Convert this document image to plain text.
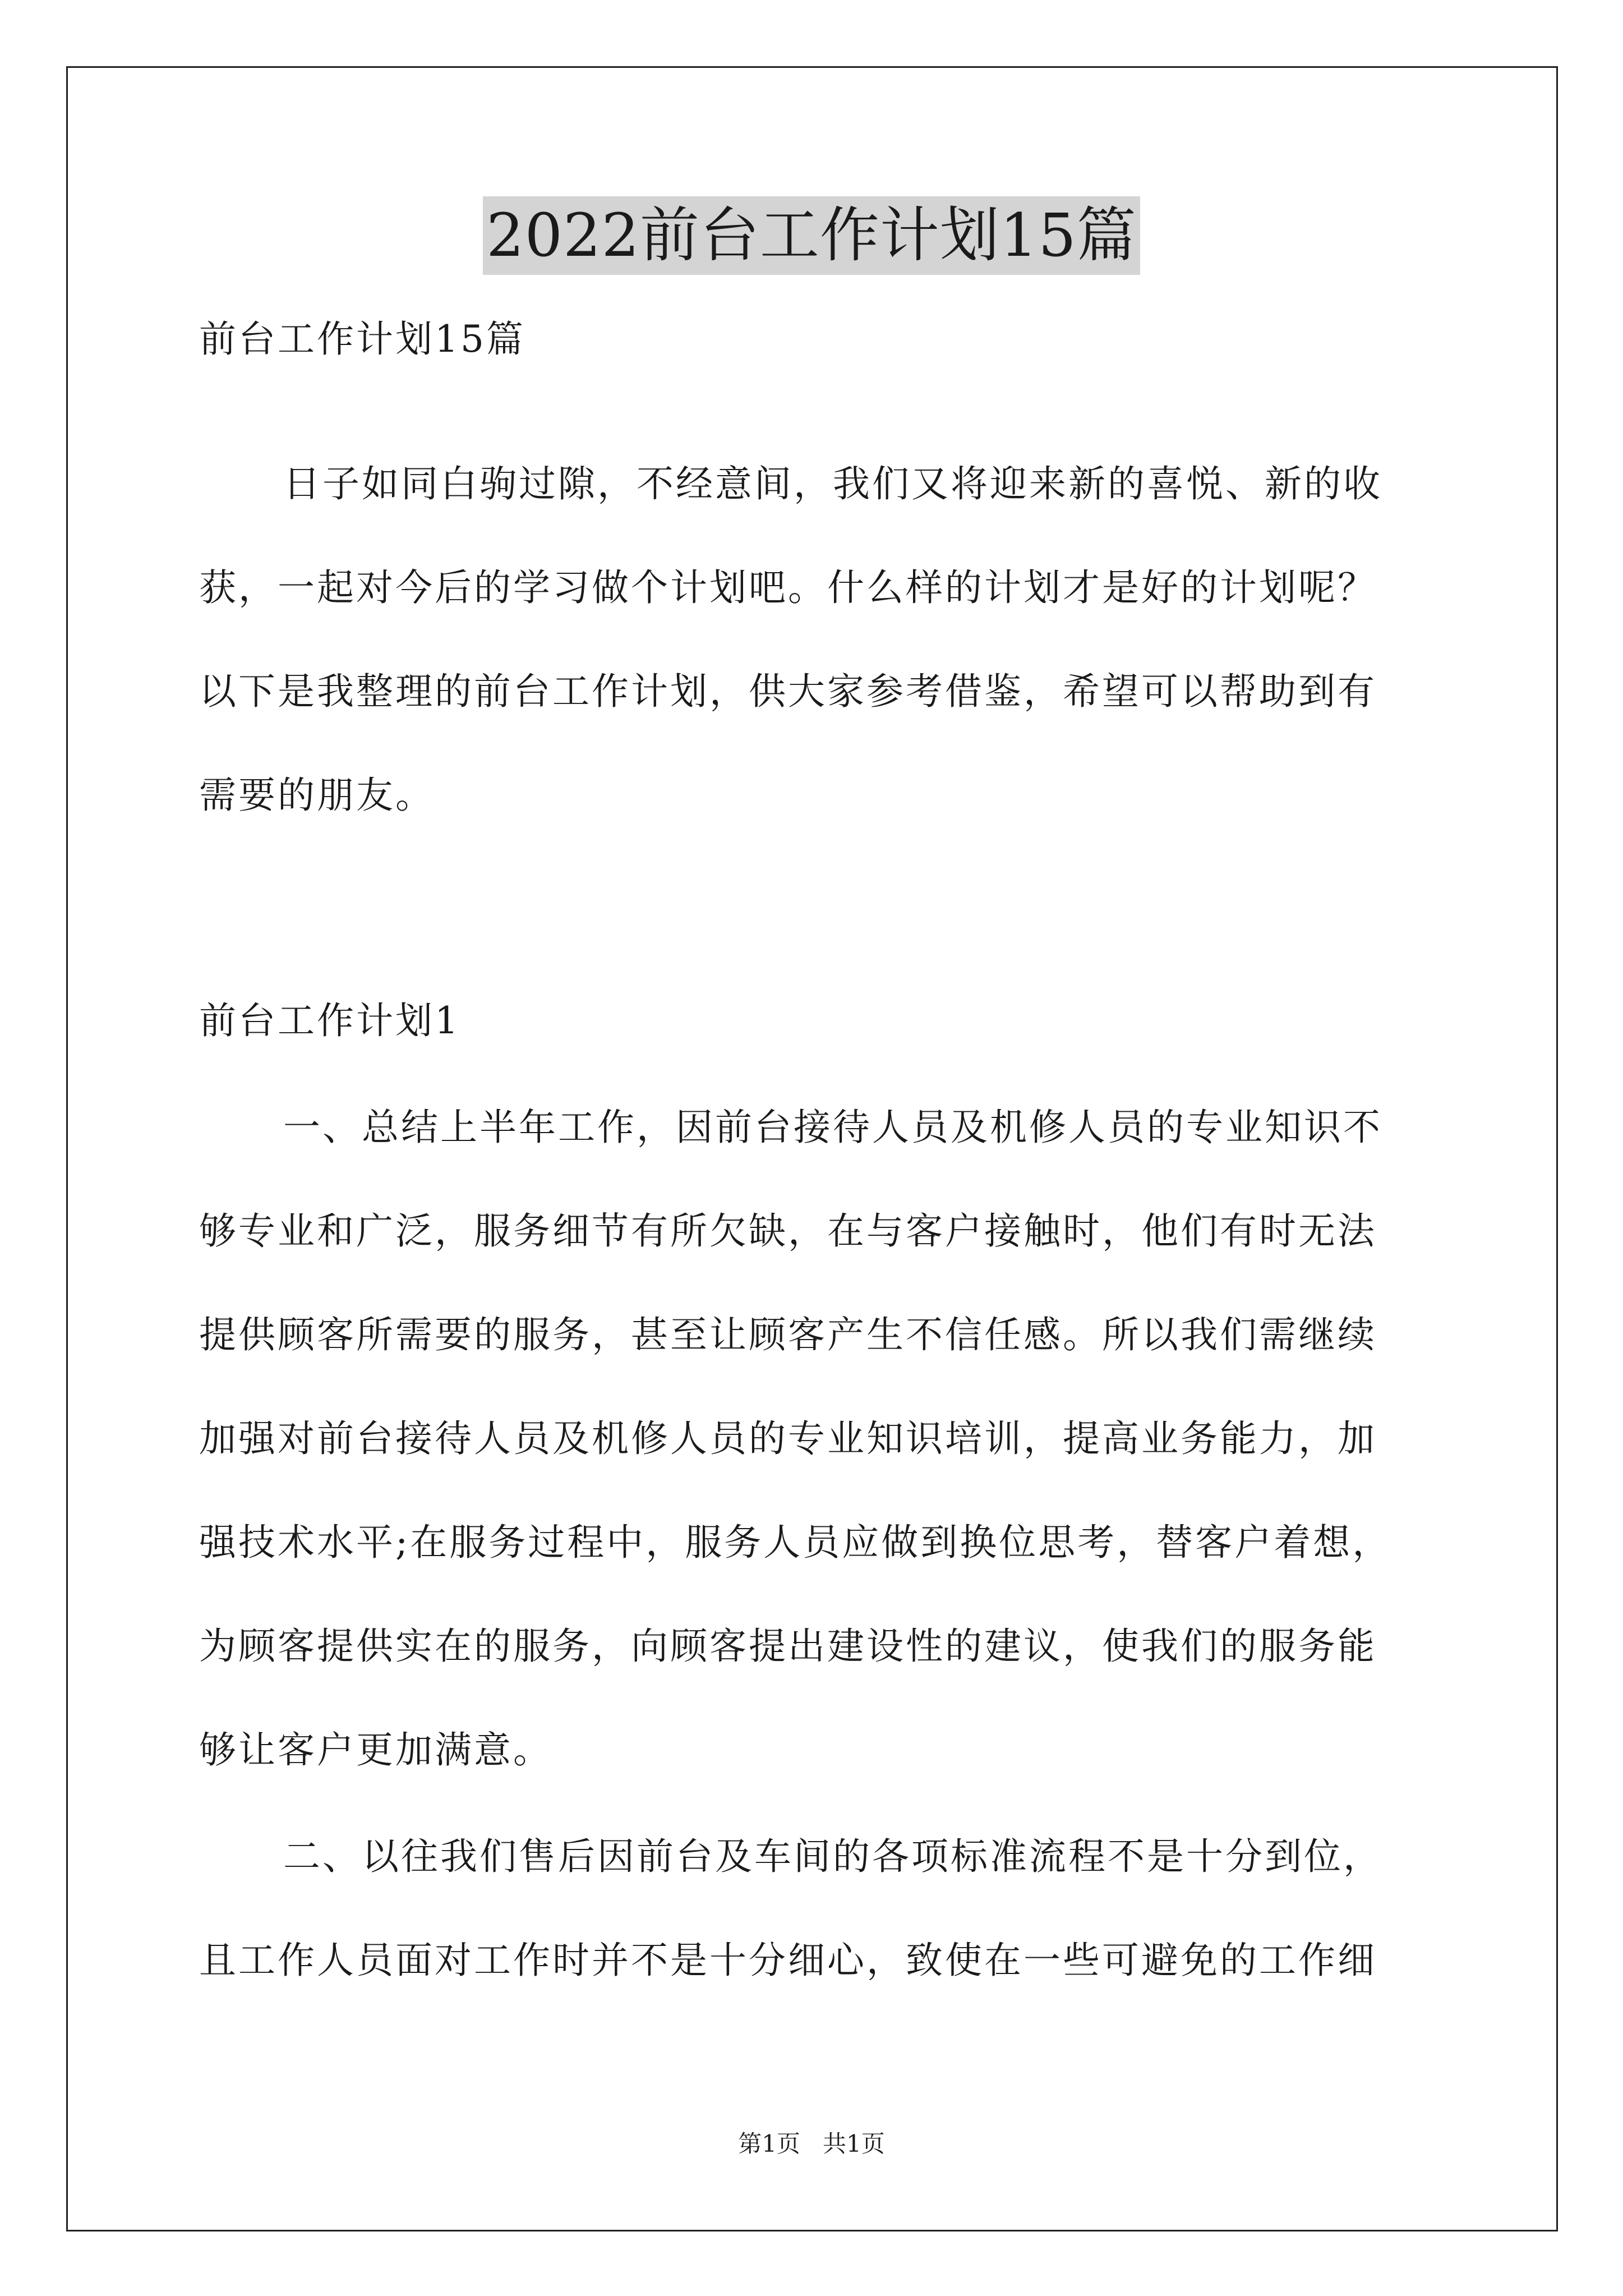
2022前台工作计划15篇
前台工作计划15篇
日子如同白驹过隙，不经意间，我们又将迎来新的喜悦、新的收
获，一起对今后的学习做个计划吧。什么样的计划才是好的计划呢？
以下是我整理的前台工作计划，供大家参考借鉴，希望可以帮助到有
需要的朋友。
前台工作计划1
一、总结上半年工作，因前台接待人员及机修人员的专业知识不
够专业和广泛，服务细节有所欠缺，在与客户接触时，他们有时无法
提供顾客所需要的服务，甚至让顾客产生不信任感。所以我们需继续
加强对前台接待人员及机修人员的专业知识培训，提高业务能力，加
强技术水平;在服务过程中，服务人员应做到换位思考，替客户着想，
为顾客提供实在的服务，向顾客提出建设性的建议，使我们的服务能
够让客户更加满意。
二、以往我们售后因前台及车间的各项标准流程不是十分到位，
且工作人员面对工作时并不是十分细心，致使在一些可避免的工作细
第1页   共1页
